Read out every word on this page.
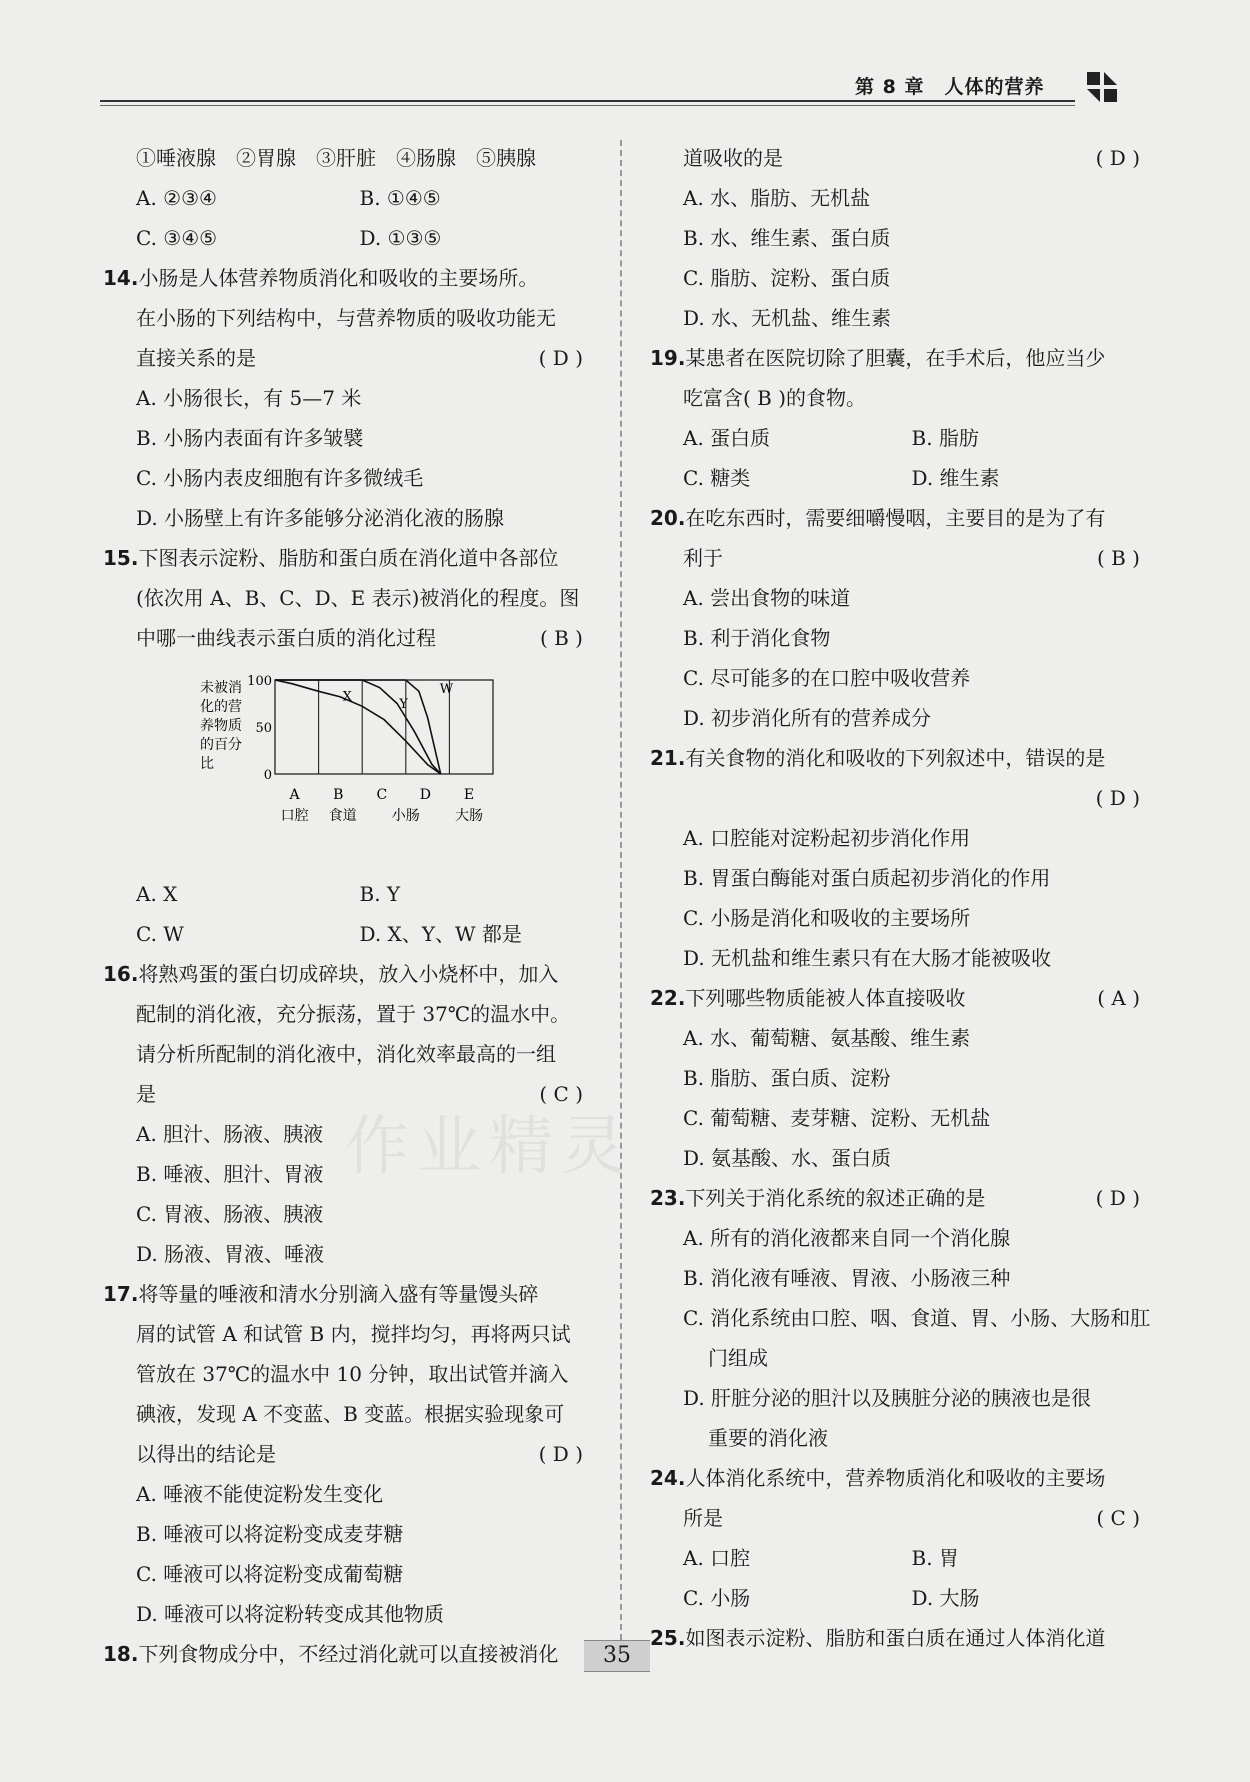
第 8 章　人体的营养
作业精灵
①唾液腺　②胃腺　③肝脏　④肠腺　⑤胰腺
A. ②③④	B. ①④⑤
C. ③④⑤	D. ①③⑤
14.小肠是人体营养物质消化和吸收的主要场所。
在小肠的下列结构中，与营养物质的吸收功能无
直接关系的是	( D )
A. 小肠很长，有 5—7 米
B. 小肠内表面有许多皱襞
C. 小肠内表皮细胞有许多微绒毛
D. 小肠壁上有许多能够分泌消化液的肠腺
15.下图表示淀粉、脂肪和蛋白质在消化道中各部位
(依次用 A、B、C、D、E 表示)被消化的程度。图
中哪一曲线表示蛋白质的消化过程	( B )
100
50
0
未被消
化的营
养物质
的百分
比
A B C D E
口腔 食道	小肠	大肠
X
Y
W
A. X	B. Y
C. W	D. X、Y、W 都是
16.将熟鸡蛋的蛋白切成碎块，放入小烧杯中，加入
配制的消化液，充分振荡，置于 37℃的温水中。
请分析所配制的消化液中，消化效率最高的一组
是	( C )
A. 胆汁、肠液、胰液
B. 唾液、胆汁、胃液
C. 胃液、肠液、胰液
D. 肠液、胃液、唾液
17.将等量的唾液和清水分别滴入盛有等量馒头碎
屑的试管 A 和试管 B 内，搅拌均匀，再将两只试
管放在 37℃的温水中 10 分钟，取出试管并滴入
碘液，发现 A 不变蓝、B 变蓝。根据实验现象可
以得出的结论是	( D )
A. 唾液不能使淀粉发生变化
B. 唾液可以将淀粉变成麦芽糖
C. 唾液可以将淀粉变成葡萄糖
D. 唾液可以将淀粉转变成其他物质
18.下列食物成分中，不经过消化就可以直接被消化
道吸收的是	( D )
A. 水、脂肪、无机盐
B. 水、维生素、蛋白质
C. 脂肪、淀粉、蛋白质
D. 水、无机盐、维生素
19.某患者在医院切除了胆囊，在手术后，他应当少
吃富含( B )的食物。
A. 蛋白质	B. 脂肪
C. 糖类	D. 维生素
20.在吃东西时，需要细嚼慢咽，主要目的是为了有
利于	( B )
A. 尝出食物的味道
B. 利于消化食物
C. 尽可能多的在口腔中吸收营养
D. 初步消化所有的营养成分
21.有关食物的消化和吸收的下列叙述中，错误的是
( D )
A. 口腔能对淀粉起初步消化作用
B. 胃蛋白酶能对蛋白质起初步消化的作用
C. 小肠是消化和吸收的主要场所
D. 无机盐和维生素只有在大肠才能被吸收
22.下列哪些物质能被人体直接吸收	( A )
A. 水、葡萄糖、氨基酸、维生素
B. 脂肪、蛋白质、淀粉
C. 葡萄糖、麦芽糖、淀粉、无机盐
D. 氨基酸、水、蛋白质
23.下列关于消化系统的叙述正确的是	( D )
A. 所有的消化液都来自同一个消化腺
B. 消化液有唾液、胃液、小肠液三种
C. 消化系统由口腔、咽、食道、胃、小肠、大肠和肛
门组成
D. 肝脏分泌的胆汁以及胰脏分泌的胰液也是很
重要的消化液
24.人体消化系统中，营养物质消化和吸收的主要场
所是	( C )
A. 口腔	B. 胃
C. 小肠	D. 大肠
25.如图表示淀粉、脂肪和蛋白质在通过人体消化道
35
